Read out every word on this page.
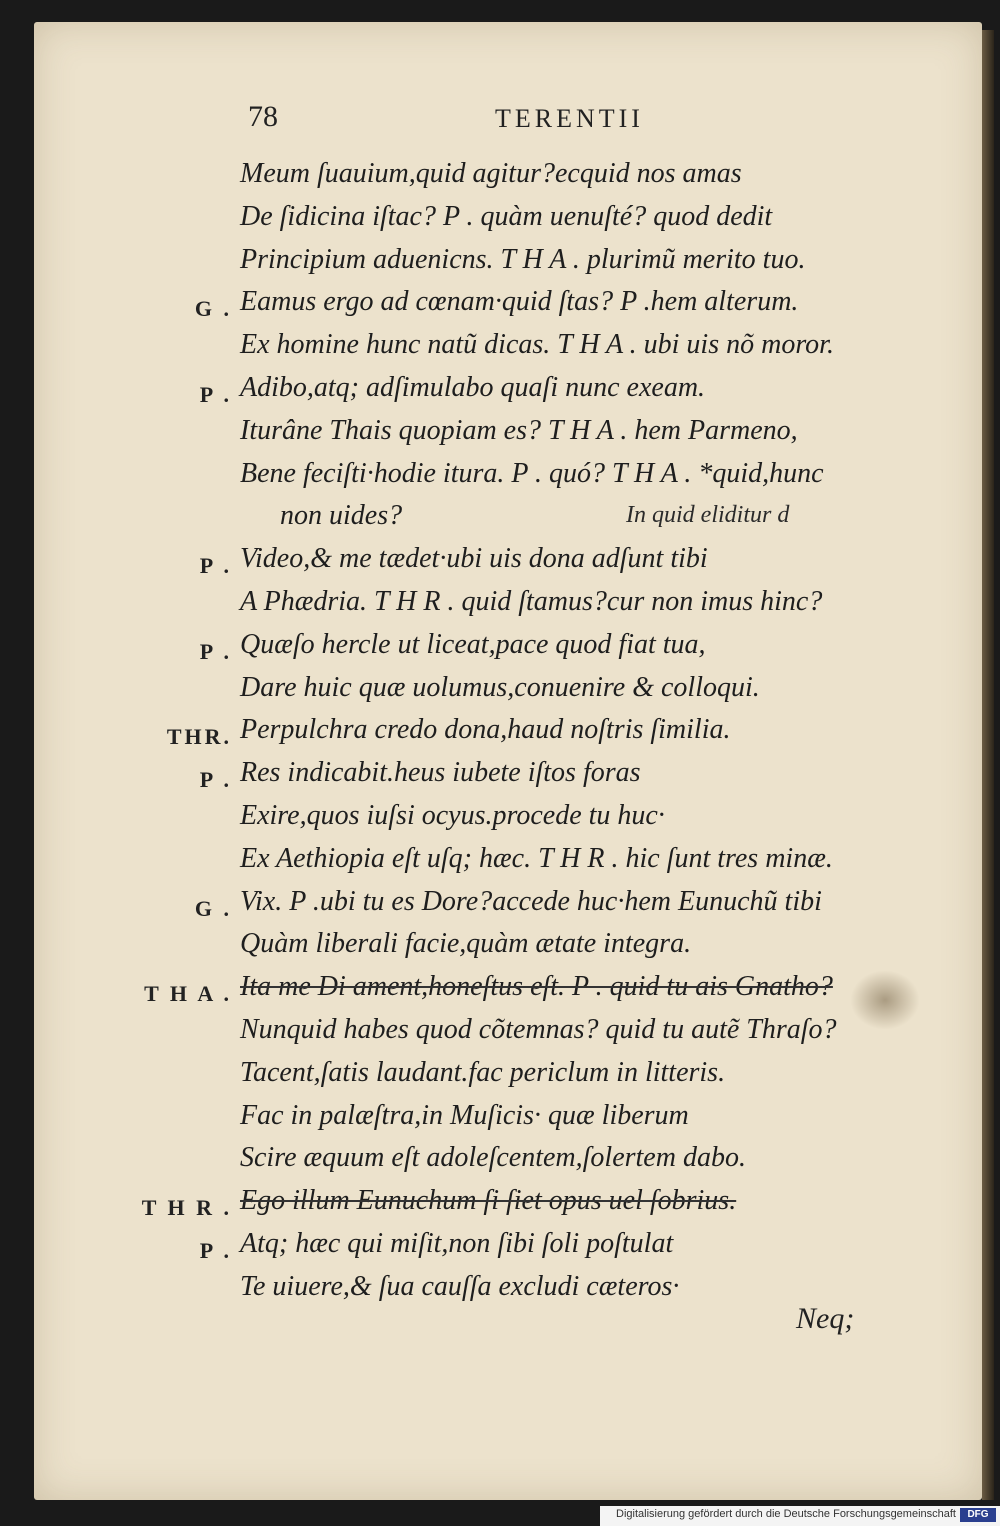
78	TERENTII
Meum ſuauium,quid agitur?ecquid nos amas
De ſidicina iſtac? P . quàm uenuſté? quod dedit
Principium aduenicns. T H A . plurimũ merito tuo.
G . Eamus ergo ad cœnam·quid ſtas? P .hem alterum.
Ex homine hunc natũ dicas. T H A . ubi uis nõ moror.
P . Adibo,atq; adſimulabo quaſi nunc exeam.
Iturâne Thais quopiam es? T H A . hem Parmeno,
Bene feciſti·hodie itura. P . quó? T H A . *quid,hunc
non uides?	In quid eliditur d
P . Video,& me tædet·ubi uis dona adſunt tibi
A Phædria. T H R . quid ſtamus?cur non imus hinc?
P . Quæſo hercle ut liceat,pace quod fiat tua,
Dare huic quæ uolumus,conuenire & colloqui.
THR. Perpulchra credo dona,haud noſtris ſimilia.
P . Res indicabit.heus iubete iſtos foras
Exire,quos iuſsi ocyus.procede tu huc·
Ex Aethiopia eſt uſq; hæc. T H R . hic ſunt tres minæ.
G . Vix. P .ubi tu es Dore?accede huc·hem Eunuchũ tibi
Quàm liberali facie,quàm ætate integra.
T H A . Ita me Di ament,honeſtus eſt. P . quid tu ais Gnatho?
Nunquid habes quod cõtemnas? quid tu autẽ Thraſo?
Tacent,ſatis laudant.fac periclum in litteris.
Fac in palæſtra,in Muſicis· quæ liberum
Scire æquum eſt adoleſcentem,ſolertem dabo.
T H R . Ego illum Eunuchum ſi ſiet opus uel ſobrius.
P . Atq; hæc qui miſit,non ſibi ſoli poſtulat
Te uiuere,& ſua cauſſa excludi cæteros·
Neq;
Digitalisierung gefördert durch die Deutsche Forschungsgemeinschaft	DFG
